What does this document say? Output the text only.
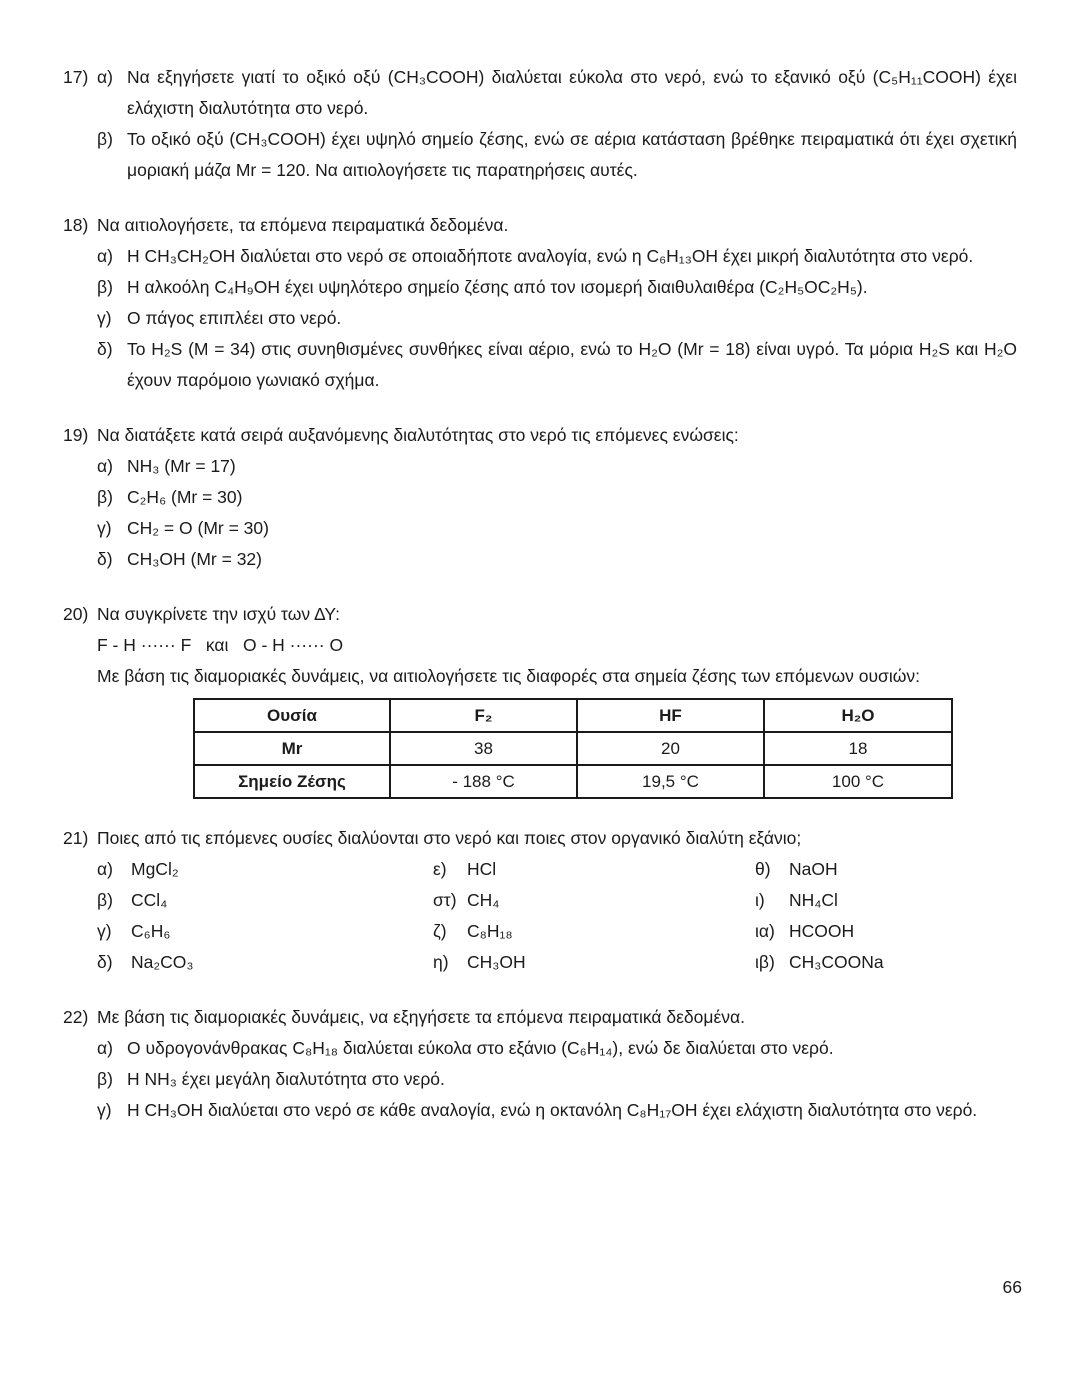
17) α) Να εξηγήσετε γιατί το οξικό οξύ (CH₃COOH) διαλύεται εύκολα στο νερό, ενώ το εξανικό οξύ (C₅H₁₁COOH) έχει ελάχιστη διαλυτότητα στο νερό.
β) Το οξικό οξύ (CH₃COOH) έχει υψηλό σημείο ζέσης, ενώ σε αέρια κατάσταση βρέθηκε πειραματικά ότι έχει σχετική μοριακή μάζα Mr = 120. Να αιτιολογήσετε τις παρατηρήσεις αυτές.
18) Να αιτιολογήσετε, τα επόμενα πειραματικά δεδομένα.
α) Η CH₃CH₂OH διαλύεται στο νερό σε οποιαδήποτε αναλογία, ενώ η C₆H₁₃OH έχει μικρή διαλυτότητα στο νερό.
β) Η αλκοόλη C₄H₉OH έχει υψηλότερο σημείο ζέσης από τον ισομερή διαιθυλαιθέρα (C₂H₅OC₂H₅).
γ) Ο πάγος επιπλέει στο νερό.
δ) Το H₂S (M = 34) στις συνηθισμένες συνθήκες είναι αέριο, ενώ το H₂O (Mr = 18) είναι υγρό. Τα μόρια H₂S και H₂O έχουν παρόμοιο γωνιακό σχήμα.
19) Να διατάξετε κατά σειρά αυξανόμενης διαλυτότητας στο νερό τις επόμενες ενώσεις:
α) NH₃ (Mr = 17)
β) C₂H₆ (Mr = 30)
γ) CH₂ = O (Mr = 30)
δ) CH₃OH (Mr = 32)
20) Να συγκρίνετε την ισχύ των ΔΥ:
F - H ······ F   και   O - H ······ O
Με βάση τις διαμοριακές δυνάμεις, να αιτιολογήσετε τις διαφορές στα σημεία ζέσης των επόμενων ουσιών:
Ουσία	F₂	HF	H₂O
Mr	38	20	18
Σημείο Ζέσης	- 188 °C	19,5 °C	100 °C
21) Ποιες από τις επόμενες ουσίες διαλύονται στο νερό και ποιες στον οργανικό διαλύτη εξάνιο;
α)	MgCl₂	ε)	HCl	θ)	NaOH
β)	CCl₄	στ) CH₄	ι)	NH₄Cl
γ)	C₆H₆	ζ)	C₈H₁₈	ια) HCOOH
δ)	Na₂CO₃	η)	CH₃OH	ιβ) CH₃COONa
22) Με βάση τις διαμοριακές δυνάμεις, να εξηγήσετε τα επόμενα πειραματικά δεδομένα.
α) Ο υδρογονάνθρακας C₈H₁₈ διαλύεται εύκολα στο εξάνιο (C₆H₁₄), ενώ δε διαλύεται στο νερό.
β) Η NH₃ έχει μεγάλη διαλυτότητα στο νερό.
γ) Η CH₃OH διαλύεται στο νερό σε κάθε αναλογία, ενώ η οκτανόλη C₈H₁₇OH έχει ελάχιστη διαλυτότητα στο νερό.
66
